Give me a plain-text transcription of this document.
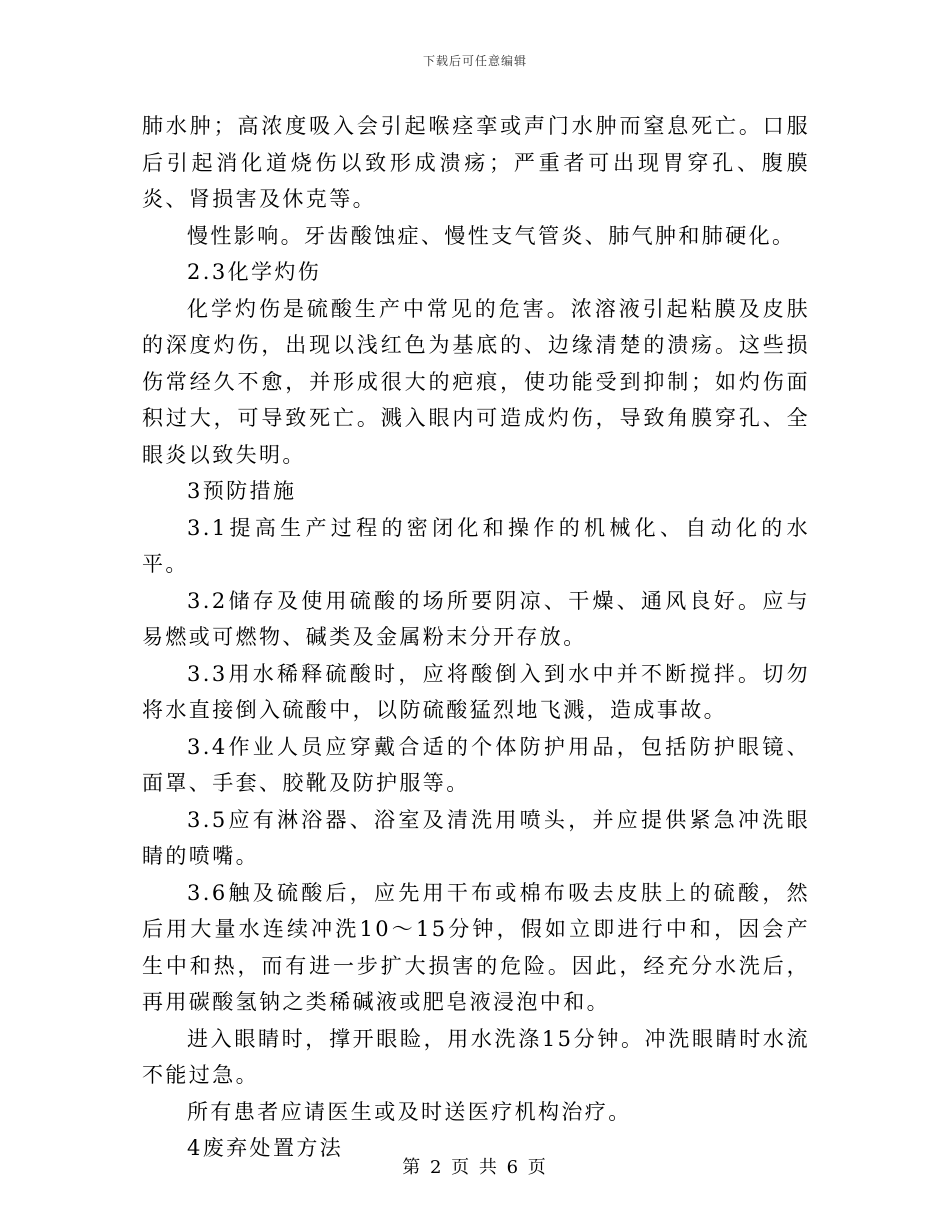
下载后可任意编辑

肺水肿；高浓度吸入会引起喉痉挛或声门水肿而窒息死亡。口服后引起消化道烧伤以致形成溃疡；严重者可出现胃穿孔、腹膜炎、肾损害及休克等。

慢性影响。牙齿酸蚀症、慢性支气管炎、肺气肿和肺硬化。

2.3化学灼伤

化学灼伤是硫酸生产中常见的危害。浓溶液引起粘膜及皮肤的深度灼伤，出现以浅红色为基底的、边缘清楚的溃疡。这些损伤常经久不愈，并形成很大的疤痕，使功能受到抑制；如灼伤面积过大，可导致死亡。溅入眼内可造成灼伤，导致角膜穿孔、全眼炎以致失明。

3预防措施

3.1提高生产过程的密闭化和操作的机械化、自动化的水平。

3.2储存及使用硫酸的场所要阴凉、干燥、通风良好。应与易燃或可燃物、碱类及金属粉末分开存放。

3.3用水稀释硫酸时，应将酸倒入到水中并不断搅拌。切勿将水直接倒入硫酸中，以防硫酸猛烈地飞溅，造成事故。

3.4作业人员应穿戴合适的个体防护用品，包括防护眼镜、面罩、手套、胶靴及防护服等。

3.5应有淋浴器、浴室及清洗用喷头，并应提供紧急冲洗眼睛的喷嘴。

3.6触及硫酸后，应先用干布或棉布吸去皮肤上的硫酸，然后用大量水连续冲洗10～15分钟，假如立即进行中和，因会产生中和热，而有进一步扩大损害的危险。因此，经充分水洗后，再用碳酸氢钠之类稀碱液或肥皂液浸泡中和。

进入眼睛时，撑开眼睑，用水洗涤15分钟。冲洗眼睛时水流不能过急。

所有患者应请医生或及时送医疗机构治疗。

4废弃处置方法

第 2 页 共 6 页
